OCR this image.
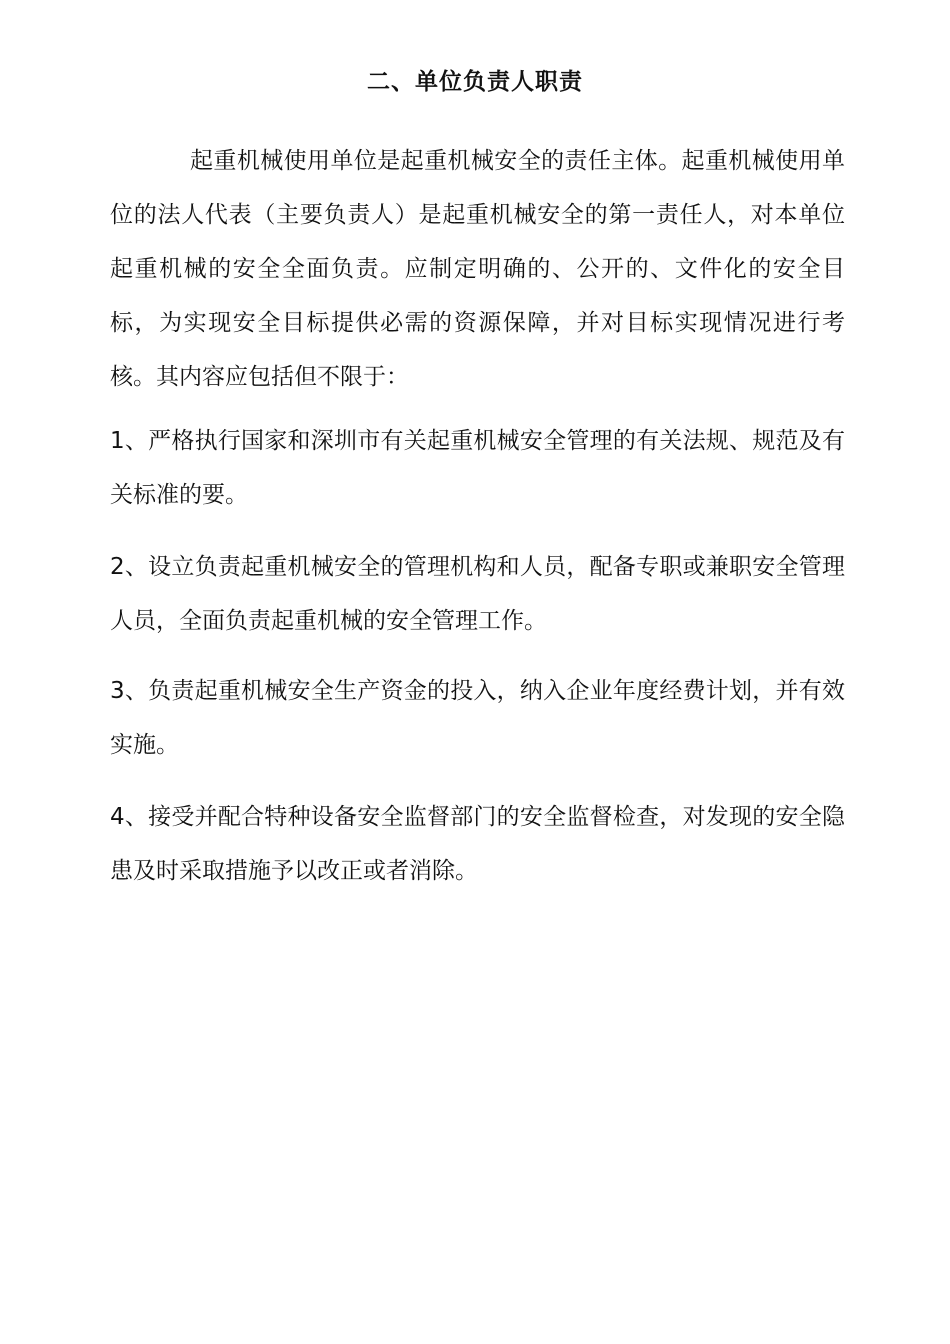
二、单位负责人职责

起重机械使用单位是起重机械安全的责任主体。起重机械使用单位的法人代表（主要负责人）是起重机械安全的第一责任人，对本单位起重机械的安全全面负责。应制定明确的、公开的、文件化的安全目标，为实现安全目标提供必需的资源保障，并对目标实现情况进行考核。其内容应包括但不限于：

1、严格执行国家和深圳市有关起重机械安全管理的有关法规、规范及有关标准的要。

2、设立负责起重机械安全的管理机构和人员，配备专职或兼职安全管理人员，全面负责起重机械的安全管理工作。

3、负责起重机械安全生产资金的投入，纳入企业年度经费计划，并有效实施。

4、接受并配合特种设备安全监督部门的安全监督检查，对发现的安全隐患及时采取措施予以改正或者消除。
